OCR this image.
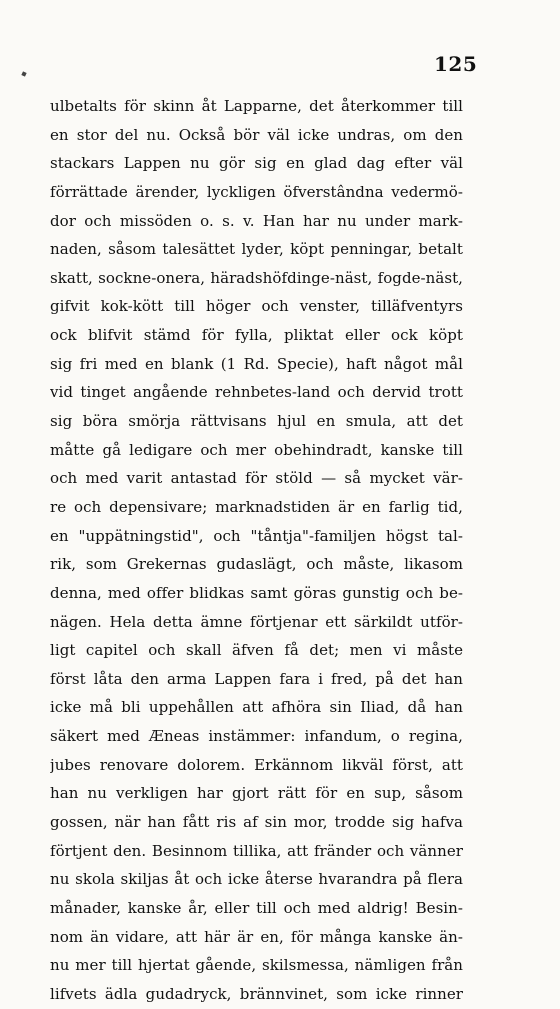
125
ulbetalts för skinn åt Lapparne, det återkommer till
en stor del nu. Också bör väl icke undras, om den
stackars Lappen nu gör sig en glad dag efter väl
förrättade ärender, lyckligen öfverstândna vedermö-
dor och missöden o. s. v. Han har nu under mark-
naden, såsom talesättet lyder, köpt penningar, betalt
skatt, sockne-onera, häradshöfdinge-näst, fogde-näst,
gifvit kok-kött till höger och venster, tilläfventyrs
ock blifvit stämd för fylla, pliktat eller ock köpt
sig fri med en blank (1 Rd. Specie), haft något mål
vid tinget angående rehnbetes-land och dervid trott
sig böra smörja rättvisans hjul en smula, att det
måtte gå ledigare och mer obehindradt, kanske till
och med varit antastad för stöld — så mycket vär-
re och depensivare; marknadstiden är en farlig tid,
en "uppätningstid", och "tåntja"-familjen högst tal-
rik, som Grekernas gudaslägt, och måste, likasom
denna, med offer blidkas samt göras gunstig och be-
nägen. Hela detta ämne förtjenar ett särkildt utför-
ligt capitel och skall äfven få det; men vi måste
först låta den arma Lappen fara i fred, på det han
icke må bli uppehållen att afhöra sin Iliad, då han
säkert med Æneas instämmer: infandum, o regina,
jubes renovare dolorem. Erkännom likväl först, att
han nu verkligen har gjort rätt för en sup, såsom
gossen, när han fått ris af sin mor, trodde sig hafva
förtjent den. Besinnom tillika, att fränder och vänner
nu skola skiljas åt och icke återse hvarandra på flera
månader, kanske år, eller till och med aldrig! Besin-
nom än vidare, att här är en, för många kanske än-
nu mer till hjertat gående, skilsmessa, nämligen från
lifvets ädla gudadryck, brännvinet, som icke rinner
